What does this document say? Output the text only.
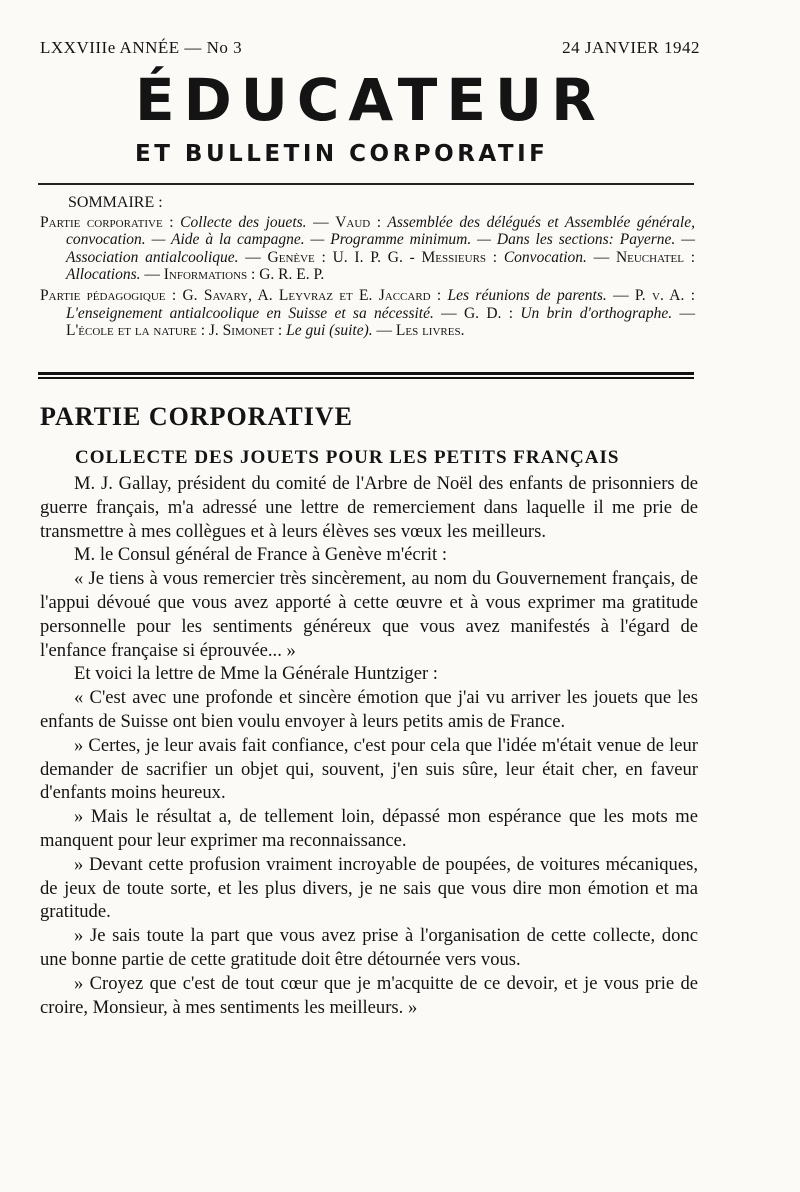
LXXVIIIe ANNÉE — No 3	24 JANVIER 1942
ÉDUCATEUR
ET BULLETIN CORPORATIF
SOMMAIRE :
Partie corporative : Collecte des jouets. — Vaud : Assemblée des délégués et Assemblée générale, convocation. — Aide à la campagne. — Programme minimum. — Dans les sections: Payerne. — Association antialcoolique. — Genève : U. I. P. G. - Messieurs : Convocation. — Neuchatel : Allocations. — Informations : G. R. E. P.
Partie pédagogique : G. Savary, A. Leyvraz et E. Jaccard : Les réunions de parents. — P. v. A. : L'enseignement antialcoolique en Suisse et sa nécessité. — G. D. : Un brin d'orthographe. — L'école et la nature : J. Simonet : Le gui (suite). — Les livres.
PARTIE CORPORATIVE
COLLECTE DES JOUETS POUR LES PETITS FRANÇAIS

M. J. Gallay, président du comité de l'Arbre de Noël des enfants de prisonniers de guerre français, m'a adressé une lettre de remerciement dans laquelle il me prie de transmettre à mes collègues et à leurs élèves ses vœux les meilleurs.

M. le Consul général de France à Genève m'écrit :

« Je tiens à vous remercier très sincèrement, au nom du Gouvernement français, de l'appui dévoué que vous avez apporté à cette œuvre et à vous exprimer ma gratitude personnelle pour les sentiments généreux que vous avez manifestés à l'égard de l'enfance française si éprouvée... »

Et voici la lettre de Mme la Générale Huntziger :

« C'est avec une profonde et sincère émotion que j'ai vu arriver les jouets que les enfants de Suisse ont bien voulu envoyer à leurs petits amis de France.

» Certes, je leur avais fait confiance, c'est pour cela que l'idée m'était venue de leur demander de sacrifier un objet qui, souvent, j'en suis sûre, leur était cher, en faveur d'enfants moins heureux.

» Mais le résultat a, de tellement loin, dépassé mon espérance que les mots me manquent pour leur exprimer ma reconnaissance.

» Devant cette profusion vraiment incroyable de poupées, de voitures mécaniques, de jeux de toute sorte, et les plus divers, je ne sais que vous dire mon émotion et ma gratitude.

» Je sais toute la part que vous avez prise à l'organisation de cette collecte, donc une bonne partie de cette gratitude doit être détournée vers vous.

» Croyez que c'est de tout cœur que je m'acquitte de ce devoir, et je vous prie de croire, Monsieur, à mes sentiments les meilleurs. »
